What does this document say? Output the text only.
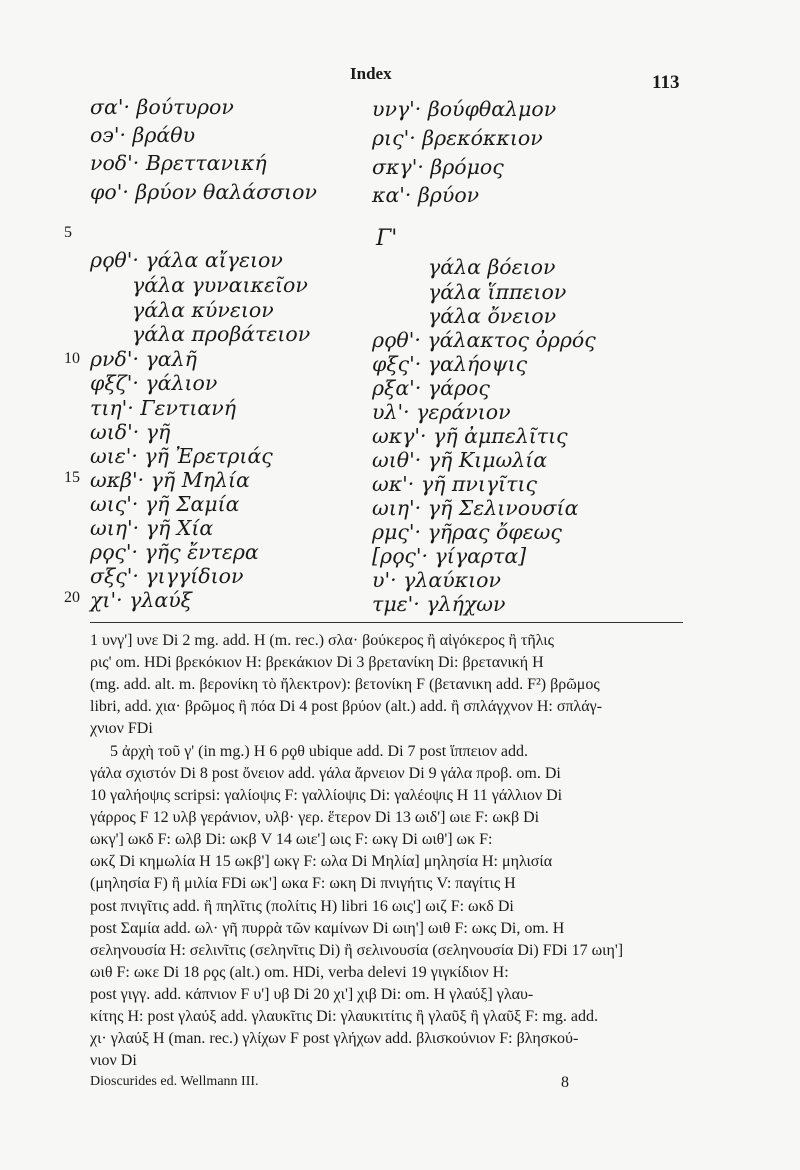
Index	113
σα'· βούτυρον
ο϶'· βράθυ
νοδ'· Βρεττανική
φο'· βρύον θαλάσσιον
υνγ'· βούφθαλμον
ρις'· βρεκόκκιον
σκγ'· βρόμος
κα'· βρύον
Γ'
5
10
15
20
ρϙθ'· γάλα αἴγειον
γάλα γυναικεῖον
γάλα κύνειον
γάλα προβάτειον
ρνδ'· γαλῆ
φξζ'· γάλιον
τιη'· Γεντιανή
ωιδ'· γῆ
ωιε'· γῆ Ἐρετριάς
ωκβ'· γῆ Μηλία
ωις'· γῆ Σαμία
ωιη'· γῆ Χία
ρϙς'· γῆς ἔντερα
σξς'· γιγγίδιον
χι'· γλαύξ
γάλα βόειον
γάλα ἵππειον
γάλα ὄνειον
ρϙθ'· γάλακτος ὀρρός
φξς'· γαλήοψις
ρξα'· γάρος
υλ'· γεράνιον
ωκγ'· γῆ ἀμπελῖτις
ωιθ'· γῆ Κιμωλία
ωκ'· γῆ πνιγῖτις
ωιη'· γῆ Σελινουσία
ρμς'· γῆρας ὄφεως
[ρϙς'· γίγαρτα]
υ'· γλαύκιον
τμε'· γλήχων
1 υνγ'] υνε Di 2 mg. add. H (m. rec.) σλα· βούκερος ἢ αἰγόκερος ἢ τῆλις
ρις' om. HDi βρεκόκιον H: βρεκάκιον Di 3 βρετανίκη Di: βρετανική H
(mg. add. alt. m. βερονίκη τὸ ἤλεκτρον): βετονίκη F (βετανικη add. F²) βρῶμος
libri, add. χια· βρῶμος ἢ πόα Di 4 post βρύον (alt.) add. ἢ σπλάγχνον H: σπλάγ-
χνιον FDi
5 ἀρχὴ τοῦ γ' (in mg.) H 6 ρϙθ ubique add. Di 7 post ἵππειον add.
γάλα σχιστόν Di 8 post ὄνειον add. γάλα ἄρνειον Di 9 γάλα προβ. om. Di
10 γαλήοψις scripsi: γαλίοψις F: γαλλίοψις Di: γαλέοψις H 11 γάλλιον Di
γάρρος F 12 υλβ γεράνιον, υλβ· γερ. ἕτερον Di 13 ωιδ'] ωιε F: ωκβ Di
ωκγ'] ωκδ F: ωλβ Di: ωκβ V 14 ωιε'] ωις F: ωκγ Di ωιθ'] ωκ F:
ωκζ Di κημωλία H 15 ωκβ'] ωκγ F: ωλα Di Μηλία] μηλησία H: μηλισία
(μηλησία F) ἢ μιλία FDi ωκ'] ωκα F: ωκη Di πνιγήτις V: παγίτις H
post πνιγῖτις add. ἢ πηλῖτις (πολίτις H) libri 16 ωις'] ωιζ F: ωκδ Di
post Σαμία add. ωλ· γῆ πυρρὰ τῶν καμίνων Di ωιη'] ωιθ F: ωκς Di, om. H
σεληνουσία H: σελινῖτις (σεληνῖτις Di) ἢ σελινουσία (σεληνουσία Di) FDi 17 ωιη']
ωιθ F: ωκε Di 18 ρϙς (alt.) om. HDi, verba delevi 19 γιγκίδιον H:
post γιγγ. add. κάπνιον F υ'] υβ Di 20 χι'] χιβ Di: om. H γλαύξ] γλαυ-
κίτης H: post γλαύξ add. γλαυκῖτις Di: γλαυκιτίτις ἢ γλαῦξ ἢ γλαῦξ F: mg. add.
χι· γλαύξ H (man. rec.) γλίχων F post γλήχων add. βλισκούνιον F: βλησκού-
νιον Di
Dioscurides ed. Wellmann III.	8
